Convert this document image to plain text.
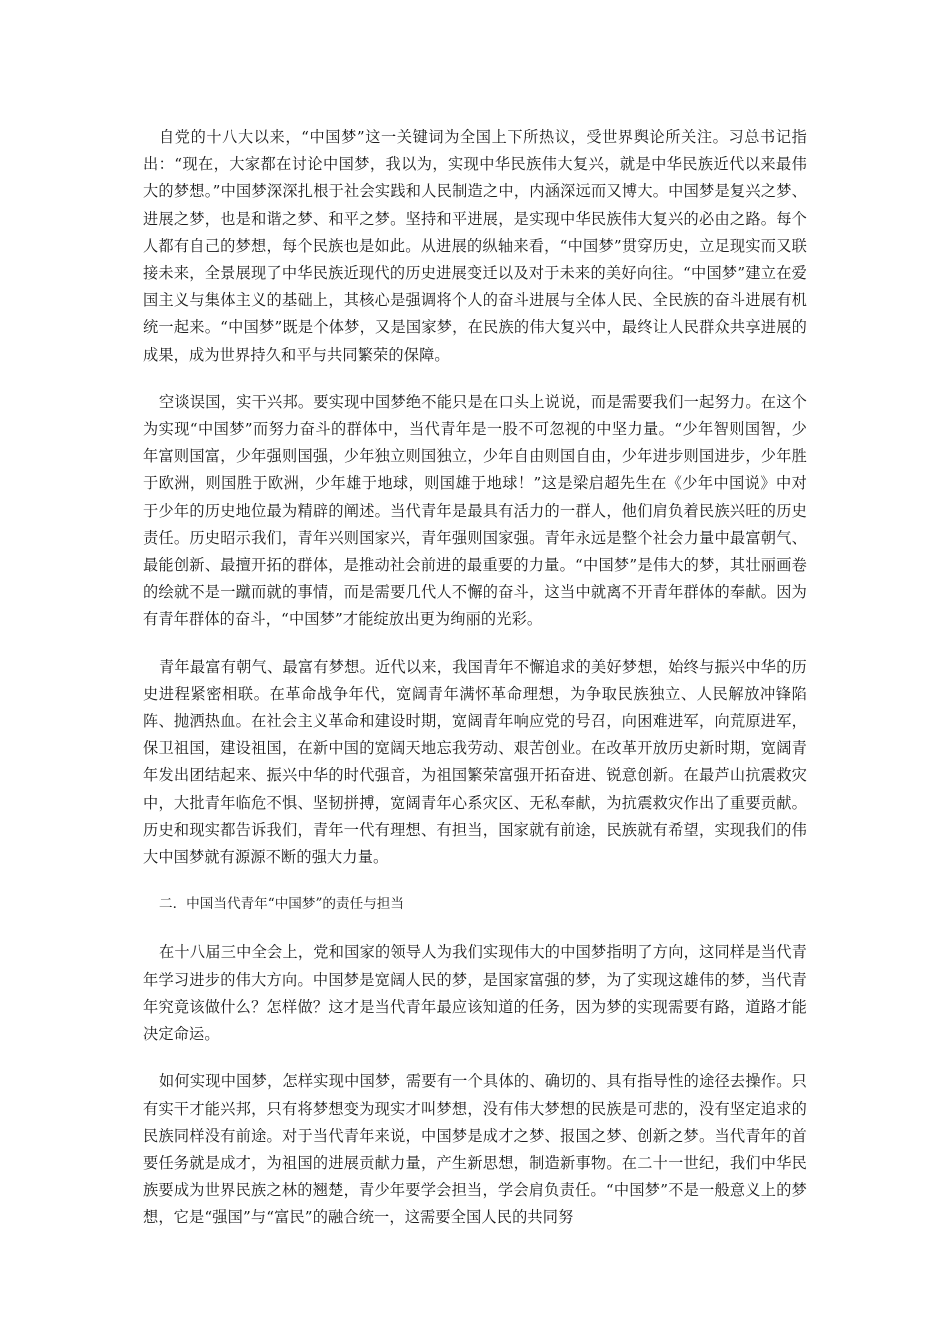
自党的十八大以来，“中国梦”这一关键词为全国上下所热议，受世界舆论所关注。习总书记指出：“现在，大家都在讨论中国梦，我以为，实现中华民族伟大复兴，就是中华民族近代以来最伟大的梦想。”中国梦深深扎根于社会实践和人民制造之中，内涵深远而又博大。中国梦是复兴之梦、进展之梦，也是和谐之梦、和平之梦。坚持和平进展，是实现中华民族伟大复兴的必由之路。每个人都有自己的梦想，每个民族也是如此。从进展的纵轴来看，“中国梦”贯穿历史，立足现实而又联接未来，全景展现了中华民族近现代的历史进展变迁以及对于未来的美好向往。“中国梦”建立在爱国主义与集体主义的基础上，其核心是强调将个人的奋斗进展与全体人民、全民族的奋斗进展有机统一起来。“中国梦”既是个体梦，又是国家梦，在民族的伟大复兴中，最终让人民群众共享进展的成果，成为世界持久和平与共同繁荣的保障。

空谈误国，实干兴邦。要实现中国梦绝不能只是在口头上说说，而是需要我们一起努力。在这个为实现“中国梦”而努力奋斗的群体中，当代青年是一股不可忽视的中坚力量。“少年智则国智，少年富则国富，少年强则国强，少年独立则国独立，少年自由则国自由，少年进步则国进步，少年胜于欧洲，则国胜于欧洲，少年雄于地球，则国雄于地球！”这是梁启超先生在《少年中国说》中对于少年的历史地位最为精辟的阐述。当代青年是最具有活力的一群人，他们肩负着民族兴旺的历史责任。历史昭示我们，青年兴则国家兴，青年强则国家强。青年永远是整个社会力量中最富朝气、最能创新、最擅开拓的群体，是推动社会前进的最重要的力量。“中国梦”是伟大的梦，其壮丽画卷的绘就不是一蹴而就的事情，而是需要几代人不懈的奋斗，这当中就离不开青年群体的奉献。因为有青年群体的奋斗，“中国梦”才能绽放出更为绚丽的光彩。

青年最富有朝气、最富有梦想。近代以来，我国青年不懈追求的美好梦想，始终与振兴中华的历史进程紧密相联。在革命战争年代，宽阔青年满怀革命理想，为争取民族独立、人民解放冲锋陷阵、抛洒热血。在社会主义革命和建设时期，宽阔青年响应党的号召，向困难进军，向荒原进军，保卫祖国，建设祖国，在新中国的宽阔天地忘我劳动、艰苦创业。在改革开放历史新时期，宽阔青年发出团结起来、振兴中华的时代强音，为祖国繁荣富强开拓奋进、锐意创新。在最芦山抗震救灾中，大批青年临危不惧、坚韧拼搏，宽阔青年心系灾区、无私奉献，为抗震救灾作出了重要贡献。历史和现实都告诉我们，青年一代有理想、有担当，国家就有前途，民族就有希望，实现我们的伟大中国梦就有源源不断的强大力量。

二．中国当代青年“中国梦”的责任与担当

在十八届三中全会上，党和国家的领导人为我们实现伟大的中国梦指明了方向，这同样是当代青年学习进步的伟大方向。中国梦是宽阔人民的梦，是国家富强的梦，为了实现这雄伟的梦，当代青年究竟该做什么？怎样做？这才是当代青年最应该知道的任务，因为梦的实现需要有路，道路才能决定命运。

如何实现中国梦，怎样实现中国梦，需要有一个具体的、确切的、具有指导性的途径去操作。只有实干才能兴邦，只有将梦想变为现实才叫梦想，没有伟大梦想的民族是可悲的，没有坚定追求的民族同样没有前途。对于当代青年来说，中国梦是成才之梦、报国之梦、创新之梦。当代青年的首要任务就是成才，为祖国的进展贡献力量，产生新思想，制造新事物。在二十一世纪，我们中华民族要成为世界民族之林的翘楚，青少年要学会担当，学会肩负责任。“中国梦”不是一般意义上的梦想，它是“强国”与“富民”的融合统一，这需要全国人民的共同努
